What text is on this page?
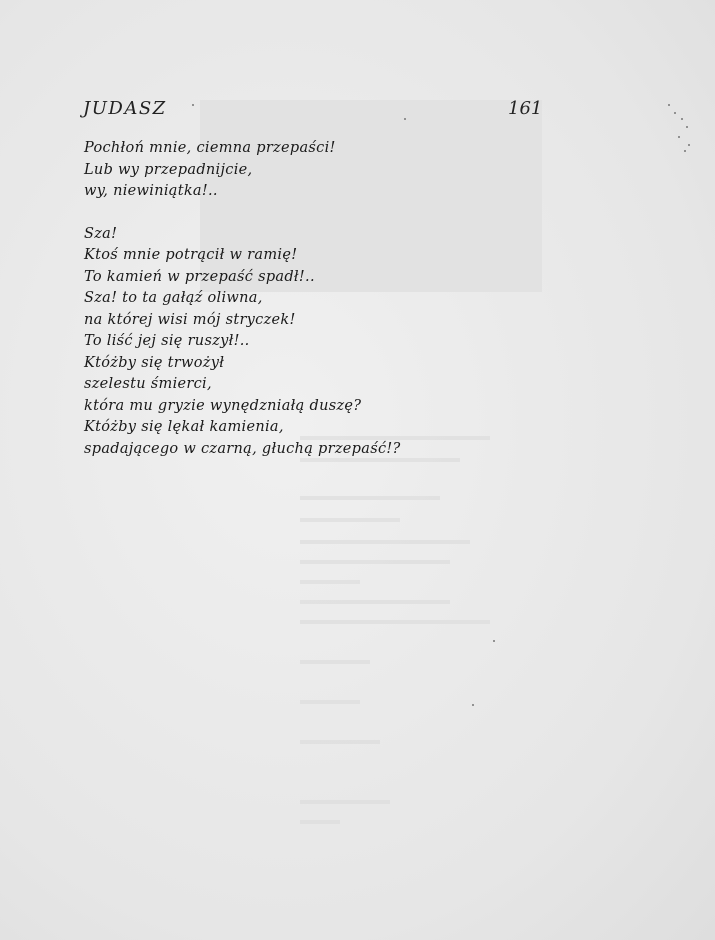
JUDASZ	161

Pochłoń mnie, ciemna przepaści!
Lub wy przepadnijcie,
wy, niewiniątka!..

Sza!
Ktoś mnie potrącił w ramię!
To kamień w przepaść spadł!..
Sza! to ta gałąź oliwna,
na której wisi mój stryczek!
To liść jej się ruszył!..
Któżby się trwożył
szelestu śmierci,
która mu gryzie wynędzniałą duszę?
Któżby się lękał kamienia,
spadającego w czarną, głuchą przepaść!?
